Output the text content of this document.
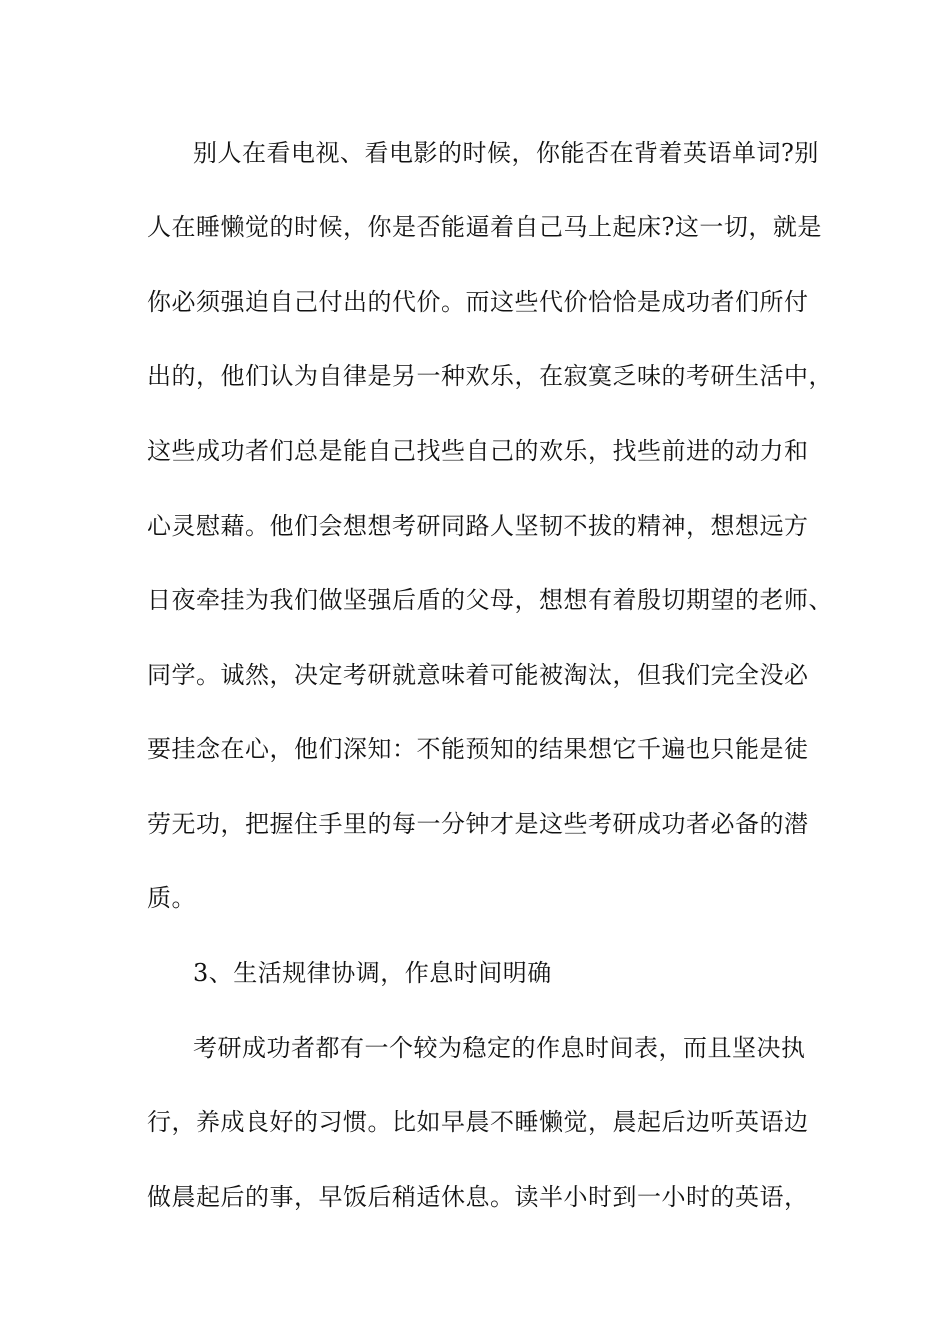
别人在看电视、看电影的时候，你能否在背着英语单词?别
人在睡懒觉的时候，你是否能逼着自己马上起床?这一切，就是
你必须强迫自己付出的代价。而这些代价恰恰是成功者们所付
出的，他们认为自律是另一种欢乐，在寂寞乏味的考研生活中，
这些成功者们总是能自己找些自己的欢乐，找些前进的动力和
心灵慰藉。他们会想想考研同路人坚韧不拔的精神，想想远方
日夜牵挂为我们做坚强后盾的父母，想想有着殷切期望的老师、
同学。诚然，决定考研就意味着可能被淘汰，但我们完全没必
要挂念在心，他们深知：不能预知的结果想它千遍也只能是徒
劳无功，把握住手里的每一分钟才是这些考研成功者必备的潜
质。
3、生活规律协调，作息时间明确
考研成功者都有一个较为稳定的作息时间表，而且坚决执
行，养成良好的习惯。比如早晨不睡懒觉，晨起后边听英语边
做晨起后的事，早饭后稍适休息。读半小时到一小时的英语，
